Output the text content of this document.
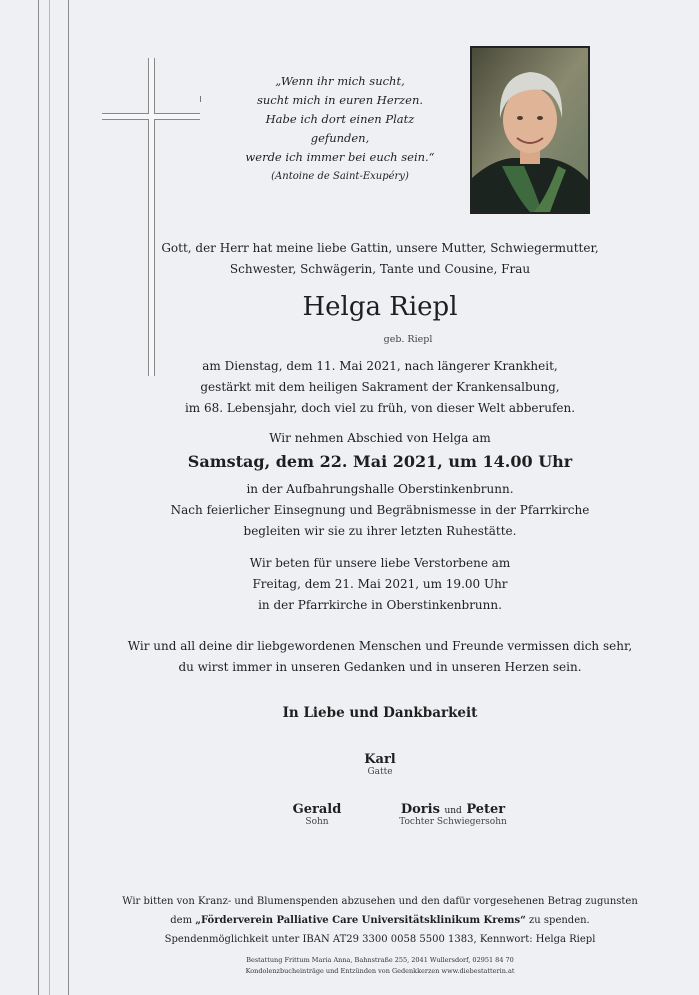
„Wenn ihr mich sucht,
sucht mich in euren Herzen.
Habe ich dort einen Platz gefunden,
werde ich immer bei euch sein.“
(Antoine de Saint-Exupéry)
Gott, der Herr hat meine liebe Gattin, unsere Mutter, Schwiegermutter,
Schwester, Schwägerin, Tante und Cousine, Frau
Helga Riepl
geb. Riepl
am Dienstag, dem 11. Mai 2021, nach längerer Krankheit,
gestärkt mit dem heiligen Sakrament der Krankensalbung,
im 68. Lebensjahr, doch viel zu früh, von dieser Welt abberufen.
Wir nehmen Abschied von Helga am
Samstag, dem 22. Mai 2021, um 14.00 Uhr
in der Aufbahrungshalle Oberstinkenbrunn.
Nach feierlicher Einsegnung und Begräbnismesse in der Pfarrkirche
begleiten wir sie zu ihrer letzten Ruhestätte.
Wir beten für unsere liebe Verstorbene am
Freitag, dem 21. Mai 2021, um 19.00 Uhr
in der Pfarrkirche in Oberstinkenbrunn.
Wir und all deine dir liebgewordenen Menschen und Freunde vermissen dich sehr,
du wirst immer in unseren Gedanken und in unseren Herzen sein.
In Liebe und Dankbarkeit
Karl
Gatte
Gerald
Sohn
Doris und Peter
Tochter Schwiegersohn
Wir bitten von Kranz- und Blumenspenden abzusehen und den dafür vorgesehenen Betrag zugunsten
dem „Förderverein Palliative Care Universitätsklinikum Krems“ zu spenden.
Spendenmöglichkeit unter IBAN AT29 3300 0058 5500 1383, Kennwort: Helga Riepl
Bestattung Frittum Maria Anna, Bahnstraße 255, 2041 Wullersdorf, 02951 84 70
Kondolenzbucheinträge und Entzünden von Gedenkkerzen www.diebestatterin.at
